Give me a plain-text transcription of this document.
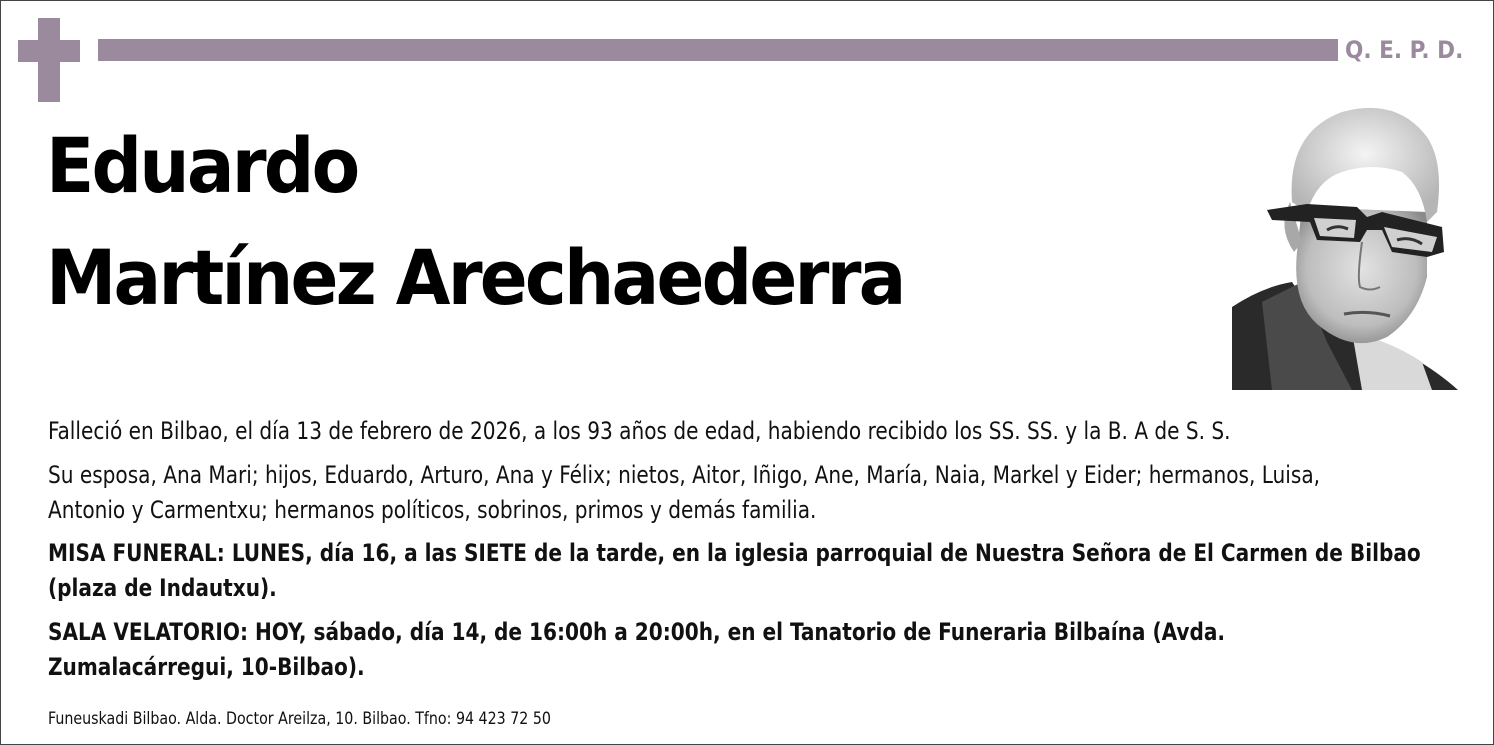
Q. E. P. D.
Eduardo
Martínez Arechaederra
Falleció en Bilbao, el día 13 de febrero de 2026, a los 93 años de edad, habiendo recibido los SS. SS. y la B. A de S. S.
Su esposa, Ana Mari; hijos, Eduardo, Arturo, Ana y Félix; nietos, Aitor, Iñigo, Ane, María, Naia, Markel y Eider; hermanos, Luisa, Antonio y Carmentxu; hermanos políticos, sobrinos, primos y demás familia.
MISA FUNERAL: LUNES, día 16, a las SIETE de la tarde, en la iglesia parroquial de Nuestra Señora de El Carmen de Bilbao (plaza de Indautxu).
SALA VELATORIO: HOY, sábado, día 14, de 16:00h a 20:00h, en el Tanatorio de Funeraria Bilbaína (Avda. Zumalacárregui, 10-Bilbao).
Funeuskadi Bilbao. Alda. Doctor Areilza, 10. Bilbao. Tfno: 94 423 72 50
